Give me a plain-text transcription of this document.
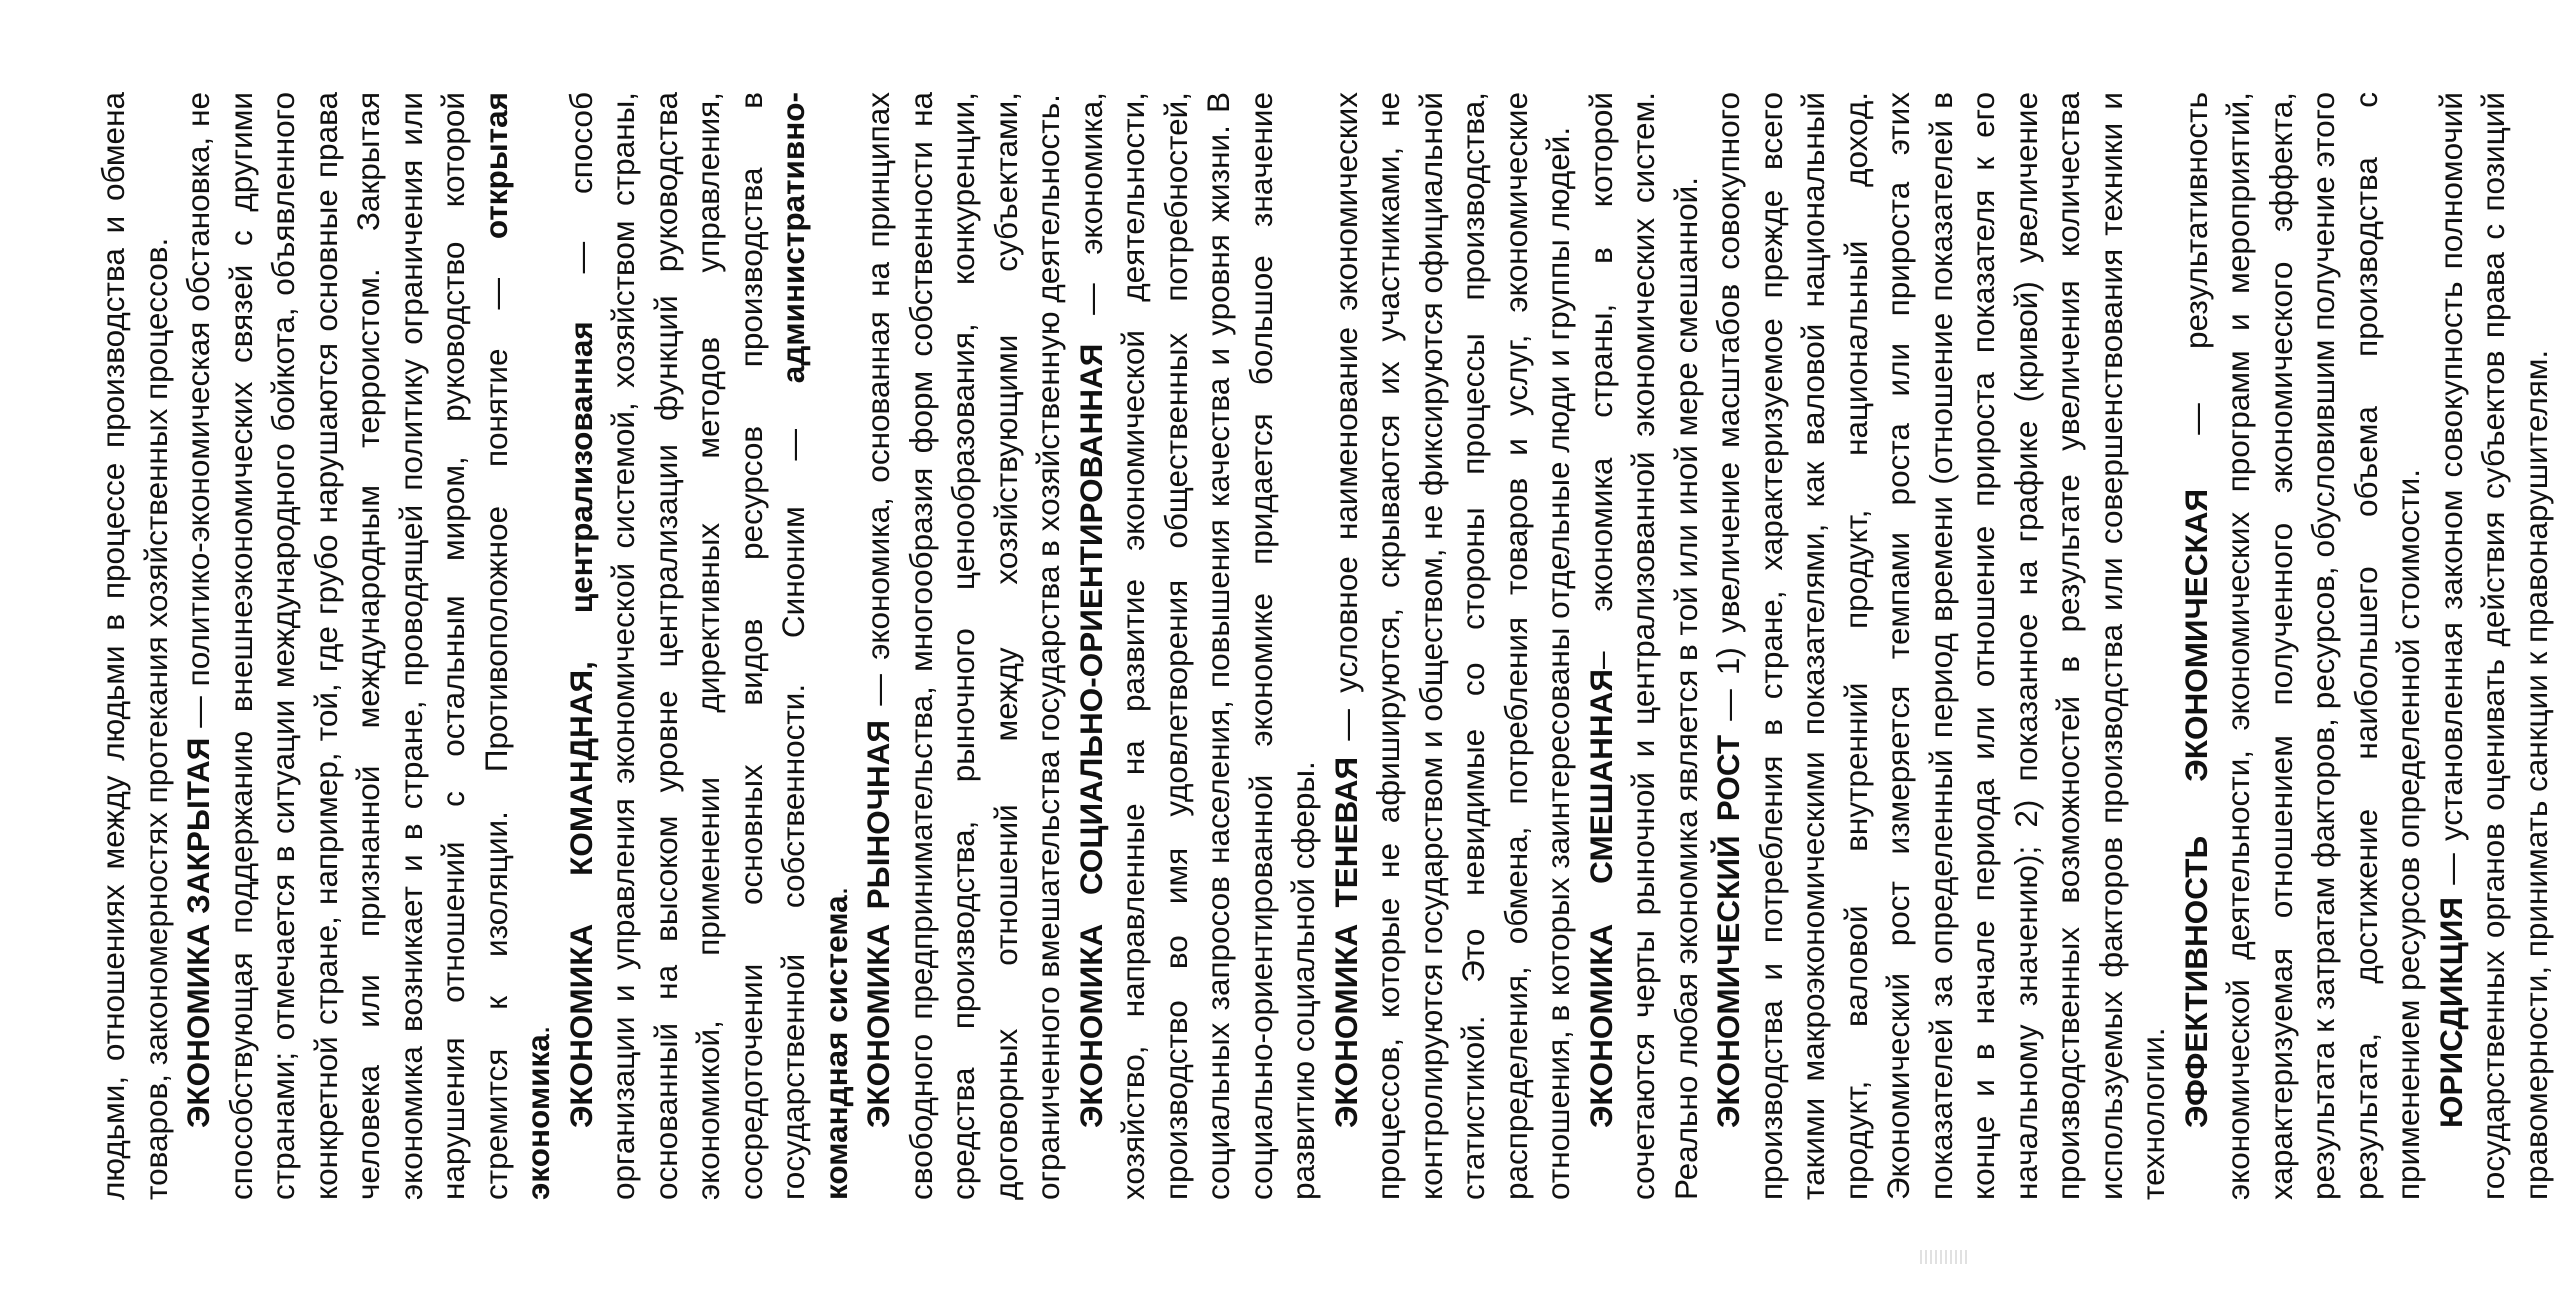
людьми, отношениях между людьми в процессе производства и обмена товаров, закономерностях протекания хозяйственных процессов. ЭКОНОМИКА ЗАКРЫТАЯ — политико-экономическая обстановка, не способствующая поддержанию внешнеэкономических связей с другими странами; отмечается в ситуации международного бойкота, объявленного конкретной стране, например, той, где грубо нарушаются основные права человека или признанной международным терроистом. Закрытая экономика возникает и в стране, проводящей политику ограничения или нарушения отношений с остальным миром, руководство которой стремится к изоляции. Противоположное понятие — открытая экономика. ЭКОНОМИКА КОМАНДНАЯ, централизованная — способ организации и управления экономической системой, хозяйством страны, основанный на высоком уровне централизации функций руководства экономикой, применении директивных методов управления, сосредоточении основных видов ресурсов производства в государственной собственности. Синоним — административно-командная система. ЭКОНОМИКА РЫНОЧНАЯ — экономика, основанная на принципах свободного предпринимательства, многообразия форм собственности на средства производства, рыночного ценообразования, конкуренции, договорных отношений между хозяйствующими субъектами, ограниченного вмешательства государства в хозяйственную деятельность. ЭКОНОМИКА СОЦИАЛЬНО-ОРИЕНТИРОВАННАЯ — экономика, хозяйство, направленные на развитие экономической деятельности, производство во имя удовлетворения общественных потребностей, социальных запросов населения, повышения качества и уровня жизни. В социально-ориентированной экономике придается большое значение развитию социальной сферы. ЭКОНОМИКА ТЕНЕВАЯ — условное наименование экономических процессов, которые не афишируются, скрываются их участниками, не контролируются государством и обществом, не фиксируются официальной статистикой. Это невидимые со стороны процессы производства, распределения, обмена, потребления товаров и услуг, экономические отношения, в которых заинтересованы отдельные люди и группы людей. ЭКОНОМИКА СМЕШАННАЯ– экономика страны, в которой сочетаются черты рыночной и централизованной экономических систем. Реально любая экономика является в той или иной мере смешанной. ЭКОНОМИЧЕСКИЙ РОСТ — 1) увеличение масштабов совокупного производства и потребления в стране, характеризуемое прежде всего такими макроэкономическими показателями, как валовой национальный продукт, валовой внутренний продукт, национальный доход. Экономический рост измеряется темпами роста или прироста этих показателей за определенный период времени (отношение показателей в конце и в начале периода или отношение прироста показателя к его начальному значению); 2) показанное на графике (кривой) увеличение производственных возможностей в результате увеличения количества используемых факторов производства или совершенствования техники и технологии. ЭФФЕКТИВНОСТЬ ЭКОНОМИЧЕСКАЯ — результативность экономической деятельности, экономических программ и мероприятий, характеризуемая отношением полученного экономического эффекта, результата к затратам факторов, ресурсов, обусловившим получение этого результата, достижение наибольшего объема производства с применением ресурсов определенной стоимости. ЮРИСДИКЦИЯ — установленная законом совокупность полномочий государственных органов оценивать действия субъектов права с позиций правомерности, принимать санкции к правонарушителям.
